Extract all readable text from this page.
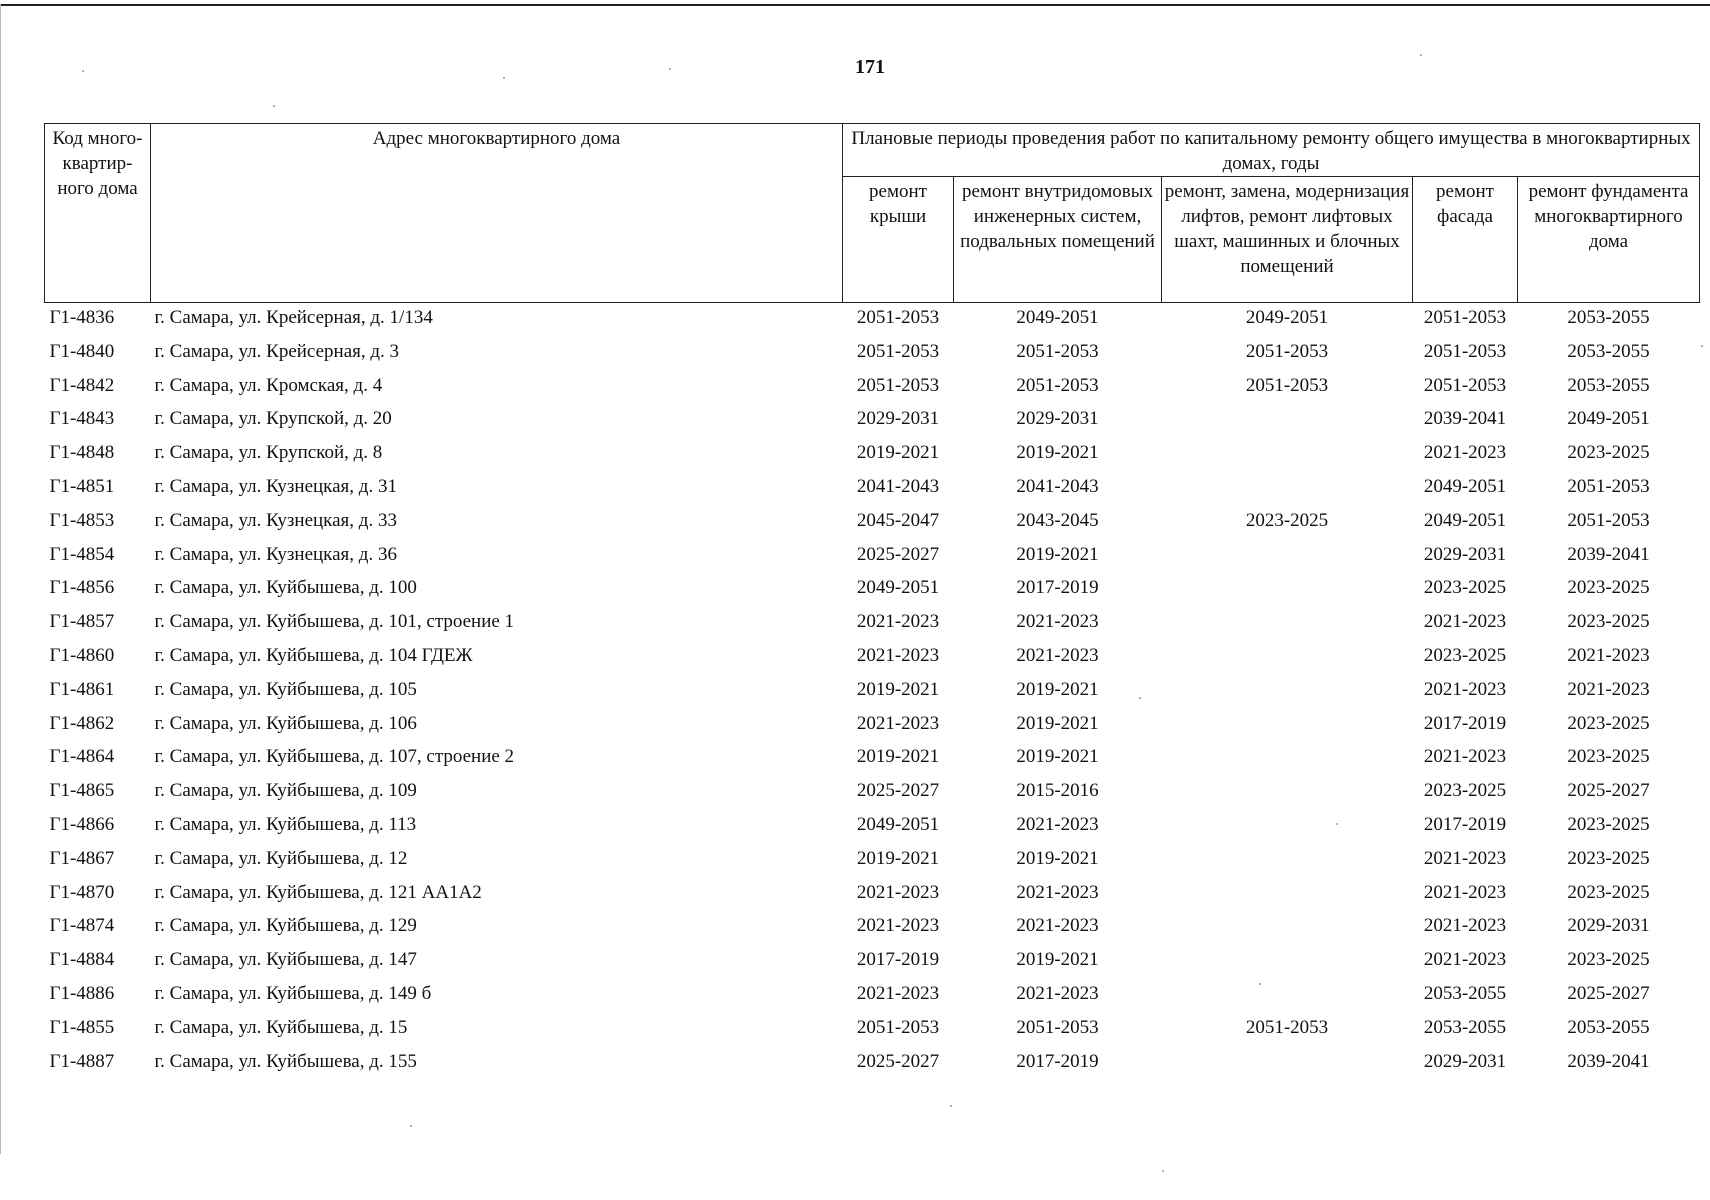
171
Код много-квартир-ного дома	Адрес многоквартирного дома	Плановые периоды проведения работ по капитальному ремонту общего имущества в многоквартирных домах, годы				
		ремонт крыши	ремонт внутридомовых инженерных систем, подвальных помещений	ремонт, замена, модернизация лифтов, ремонт лифтовых шахт, машинных и блочных помещений	ремонт фасада	ремонт фундамента многоквартирного дома
Г1-4836	г. Самара, ул. Крейсерная, д. 1/134	2051-2053	2049-2051	2049-2051	2051-2053	2053-2055
Г1-4840	г. Самара, ул. Крейсерная, д. 3	2051-2053	2051-2053	2051-2053	2051-2053	2053-2055
Г1-4842	г. Самара, ул. Кромская, д. 4	2051-2053	2051-2053	2051-2053	2051-2053	2053-2055
Г1-4843	г. Самара, ул. Крупской, д. 20	2029-2031	2029-2031		2039-2041	2049-2051
Г1-4848	г. Самара, ул. Крупской, д. 8	2019-2021	2019-2021		2021-2023	2023-2025
Г1-4851	г. Самара, ул. Кузнецкая, д. 31	2041-2043	2041-2043		2049-2051	2051-2053
Г1-4853	г. Самара, ул. Кузнецкая, д. 33	2045-2047	2043-2045	2023-2025	2049-2051	2051-2053
Г1-4854	г. Самара, ул. Кузнецкая, д. 36	2025-2027	2019-2021		2029-2031	2039-2041
Г1-4856	г. Самара, ул. Куйбышева, д. 100	2049-2051	2017-2019		2023-2025	2023-2025
Г1-4857	г. Самара, ул. Куйбышева, д. 101, строение 1	2021-2023	2021-2023		2021-2023	2023-2025
Г1-4860	г. Самара, ул. Куйбышева, д. 104 ГДЕЖ	2021-2023	2021-2023		2023-2025	2021-2023
Г1-4861	г. Самара, ул. Куйбышева, д. 105	2019-2021	2019-2021		2021-2023	2021-2023
Г1-4862	г. Самара, ул. Куйбышева, д. 106	2021-2023	2019-2021		2017-2019	2023-2025
Г1-4864	г. Самара, ул. Куйбышева, д. 107, строение 2	2019-2021	2019-2021		2021-2023	2023-2025
Г1-4865	г. Самара, ул. Куйбышева, д. 109	2025-2027	2015-2016		2023-2025	2025-2027
Г1-4866	г. Самара, ул. Куйбышева, д. 113	2049-2051	2021-2023		2017-2019	2023-2025
Г1-4867	г. Самара, ул. Куйбышева, д. 12	2019-2021	2019-2021		2021-2023	2023-2025
Г1-4870	г. Самара, ул. Куйбышева, д. 121 АА1А2	2021-2023	2021-2023		2021-2023	2023-2025
Г1-4874	г. Самара, ул. Куйбышева, д. 129	2021-2023	2021-2023		2021-2023	2029-2031
Г1-4884	г. Самара, ул. Куйбышева, д. 147	2017-2019	2019-2021		2021-2023	2023-2025
Г1-4886	г. Самара, ул. Куйбышева, д. 149 б	2021-2023	2021-2023		2053-2055	2025-2027
Г1-4855	г. Самара, ул. Куйбышева, д. 15	2051-2053	2051-2053	2051-2053	2053-2055	2053-2055
Г1-4887	г. Самара, ул. Куйбышева, д. 155	2025-2027	2017-2019		2029-2031	2039-2041
